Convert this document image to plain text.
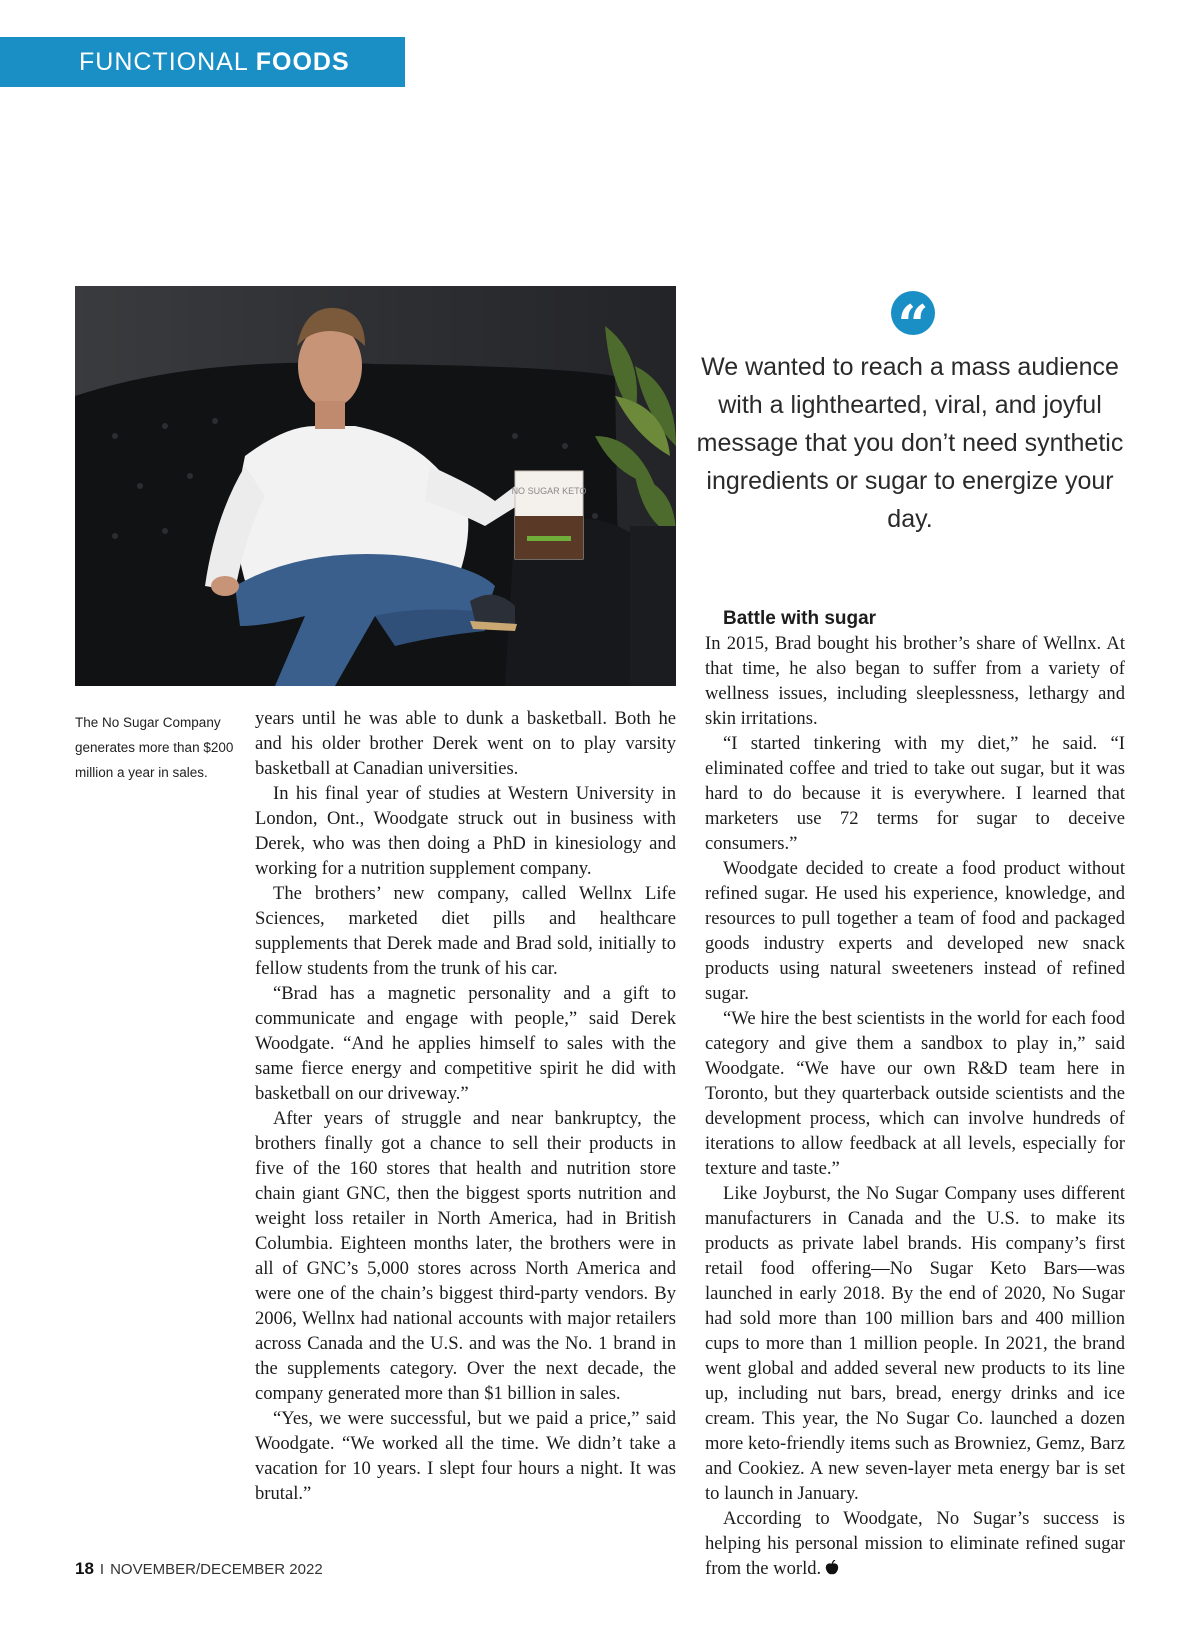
FUNCTIONAL FOODS
NO SUGAR KETO
The No Sugar Company generates more than $200 million a year in sales.

years until he was able to dunk a basketball. Both he and his older brother Derek went on to play varsity basketball at Canadian universities.

In his final year of studies at Western University in London, Ont., Woodgate struck out in business with Derek, who was then doing a PhD in kinesiology and working for a nutrition supplement company.

The brothers’ new company, called Wellnx Life Sciences, marketed diet pills and healthcare supplements that Derek made and Brad sold, initially to fellow students from the trunk of his car.

“Brad has a magnetic personality and a gift to communicate and engage with people,” said Derek Woodgate. “And he applies himself to sales with the same fierce energy and competitive spirit he did with basketball on our driveway.”

After years of struggle and near bankruptcy, the brothers finally got a chance to sell their products in five of the 160 stores that health and nutrition store chain giant GNC, then the biggest sports nutrition and weight loss retailer in North America, had in British Columbia. Eighteen months later, the brothers were in all of GNC’s 5,000 stores across North America and were one of the chain’s biggest third-party vendors. By 2006, Wellnx had national accounts with major retailers across Canada and the U.S. and was the No. 1 brand in the supplements category. Over the next decade, the company generated more than $1 billion in sales.

“Yes, we were successful, but we paid a price,” said Woodgate. “We worked all the time. We didn’t take a vacation for 10 years. I slept four hours a night. It was brutal.”

“
We wanted to reach a mass audience with a lighthearted, viral, and joyful message that you don’t need synthetic ingredients or sugar to energize your day.

Battle with sugar

In 2015, Brad bought his brother’s share of Wellnx. At that time, he also began to suffer from a variety of wellness issues, including sleeplessness, lethargy and skin irritations.

“I started tinkering with my diet,” he said. “I eliminated coffee and tried to take out sugar, but it was hard to do because it is everywhere. I learned that marketers use 72 terms for sugar to deceive consumers.”

Woodgate decided to create a food product without refined sugar. He used his experience, knowledge, and resources to pull together a team of food and packaged goods industry experts and developed new snack products using natural sweeteners instead of refined sugar.

“We hire the best scientists in the world for each food category and give them a sandbox to play in,” said Woodgate. “We have our own R&D team here in Toronto, but they quarterback outside scientists and the development process, which can involve hundreds of iterations to allow feedback at all levels, especially for texture and taste.”

Like Joyburst, the No Sugar Company uses different manufacturers in Canada and the U.S. to make its products as private label brands. His company’s first retail food offering—No Sugar Keto Bars—was launched in early 2018. By the end of 2020, No Sugar had sold more than 100 million bars and 400 million cups to more than 1 million people. In 2021, the brand went global and added several new products to its line up, including nut bars, bread, energy drinks and ice cream. This year, the No Sugar Co. launched a dozen more keto-friendly items such as Browniez, Gemz, Barz and Cookiez. A new seven-layer meta energy bar is set to launch in January.

According to Woodgate, No Sugar’s success is helping his personal mission to eliminate refined sugar from the world.

18 I NOVEMBER/DECEMBER 2022
